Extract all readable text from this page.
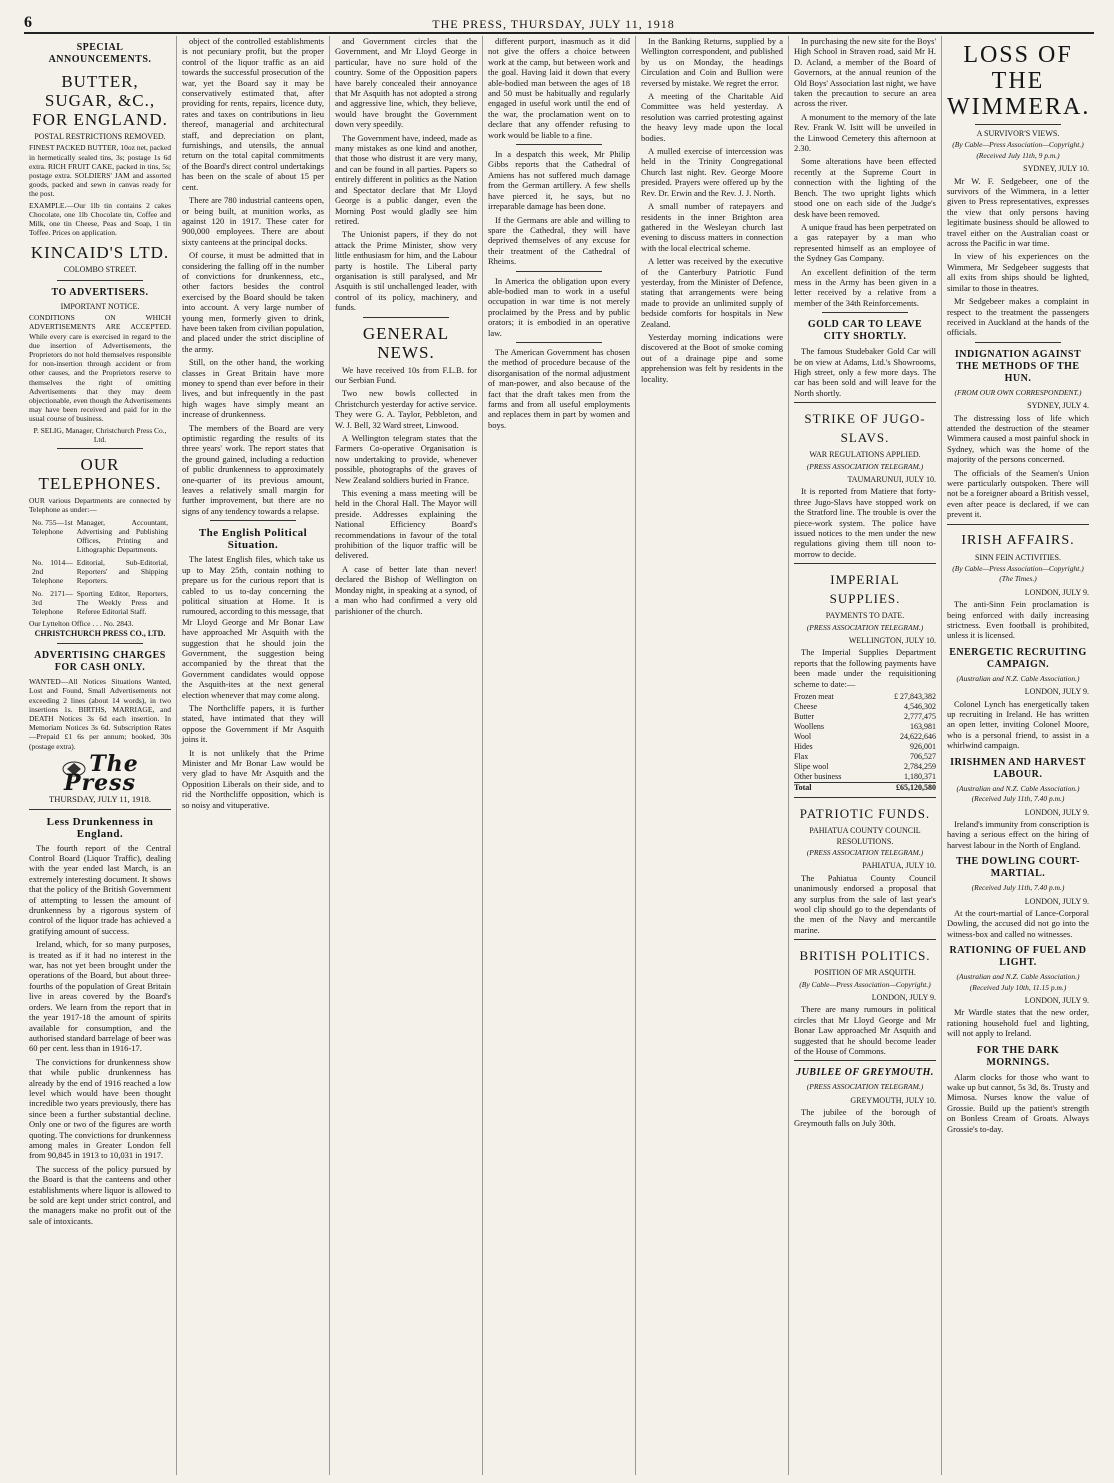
6	THE PRESS, THURSDAY, JULY 11, 1918
SPECIAL ANNOUNCEMENTS.
BUTTER, SUGAR, &C., FOR ENGLAND.
POSTAL RESTRICTIONS REMOVED.

FINEST PACKED BUTTER, 10oz net, packed in hermetically sealed tins, 3s; postage 1s 6d extra. RICH FRUIT CAKE, packed in tins, 5s; postage extra. SOLDIERS' JAM and assorted goods, packed and sewn in canvas ready for the post.

EXAMPLE.—Our 1lb tin contains 2 cakes Chocolate, one 1lb Chocolate tin, Coffee and Milk, one tin Cheese, Peas and Soap, 1 tin Toffee. Prices on application.

KINCAID'S LTD.
COLOMBO STREET.
TO ADVERTISERS.
IMPORTANT NOTICE.

CONDITIONS ON WHICH ADVERTISEMENTS ARE ACCEPTED. While every care is exercised in regard to the due insertion of Advertisements, the Proprietors do not hold themselves responsible for non-insertion through accident or from other causes, and the Proprietors reserve to themselves the right of omitting Advertisements that they may deem objectionable, even though the Advertisements may have been received and paid for in the usual course of business.

P. SELIG, Manager, Christchurch Press Co., Ltd.

OUR TELEPHONES.
OUR various Departments are connected by Telephone as under:—
No. 755—1st Telephone	Manager, Accountant, Advertising and Publishing Offices, Printing and Lithographic Departments.
No. 1014—2nd Telephone	Editorial, Sub-Editorial, Reporters' and Shipping Reporters.
No. 2171—3rd Telephone	Sporting Editor, Reporters, The Weekly Press and Referee Editorial Staff.
Our Lyttelton Office . . . No. 2843.
CHRISTCHURCH PRESS CO., LTD.
ADVERTISING CHARGES FOR CASH ONLY.

WANTED—All Notices Situations Wanted, Lost and Found, Small Advertisements not exceeding 2 lines (about 14 words), in two insertions 1s. BIRTHS, MARRIAGE, and DEATH Notices 3s 6d each insertion. In Memoriam Notices 3s 6d. Subscription Rates—Prepaid £1 6s per annum; booked, 30s (postage extra).

The Press
THURSDAY, JULY 11, 1918.
Less Drunkenness in England.

The fourth report of the Central Control Board (Liquor Traffic), dealing with the year ended last March, is an extremely interesting document. It shows that the policy of the British Government of attempting to lessen the amount of drunkenness by a rigorous system of control of the liquor trade has achieved a gratifying amount of success.

Ireland, which, for so many purposes, is treated as if it had no interest in the war, has not yet been brought under the operations of the Board, but about three-fourths of the population of Great Britain live in areas covered by the Board's orders. We learn from the report that in the year 1917-18 the amount of spirits available for consumption, and the authorised standard barrelage of beer was 60 per cent. less than in 1916-17.

The convictions for drunkenness show that while public drunkenness has already by the end of 1916 reached a low level which would have been thought incredible two years previously, there has since been a further substantial decline. Only one or two of the figures are worth quoting. The convictions for drunkenness among males in Greater London fell from 90,845 in 1913 to 10,031 in 1917.

The success of the policy pursued by the Board is that the canteens and other establishments where liquor is allowed to be sold are kept under strict control, and the managers make no profit out of the sale of intoxicants.

object of the controlled establishments is not pecuniary profit, but the proper control of the liquor traffic as an aid towards the successful prosecution of the war, yet the Board say it may be conservatively estimated that, after providing for rents, repairs, licence duty, rates and taxes on contributions in lieu thereof, managerial and architectural staff, and depreciation on plant, furnishings, and utensils, the annual return on the total capital commitments of the Board's direct control undertakings has been on the scale of about 15 per cent.

There are 780 industrial canteens open, or being built, at munition works, as against 120 in 1917. These cater for 900,000 employees. There are about sixty canteens at the principal docks.

Of course, it must be admitted that in considering the falling off in the number of convictions for drunkenness, etc., other factors besides the control exercised by the Board should be taken into account. A very large number of young men, formerly given to drink, have been taken from civilian population, and placed under the strict discipline of the army.

Still, on the other hand, the working classes in Great Britain have more money to spend than ever before in their lives, and but infrequently in the past high wages have simply meant an increase of drunkenness.

The members of the Board are very optimistic regarding the results of its three years' work. The report states that the ground gained, including a reduction of public drunkenness to approximately one-quarter of its previous amount, leaves a relatively small margin for further improvement, but there are no signs of any tendency towards a relapse.

The English Political Situation.

The latest English files, which take us up to May 25th, contain nothing to prepare us for the curious report that is cabled to us to-day concerning the political situation at Home. It is rumoured, according to this message, that Mr Lloyd George and Mr Bonar Law have approached Mr Asquith with the suggestion that he should join the Government, the suggestion being accompanied by the threat that the Government candidates would oppose the Asquith-ites at the next general election whenever that may come along.

The Northcliffe papers, it is further stated, have intimated that they will oppose the Government if Mr Asquith joins it.

It is not unlikely that the Prime Minister and Mr Bonar Law would be very glad to have Mr Asquith and the Opposition Liberals on their side, and to rid the Northcliffe opposition, which is so noisy and vituperative.

and Government circles that the Government, and Mr Lloyd George in particular, have no sure hold of the country. Some of the Opposition papers have barely concealed their annoyance that Mr Asquith has not adopted a strong and aggressive line, which, they believe, would have brought the Government down very speedily.

The Government have, indeed, made as many mistakes as one kind and another, that those who distrust it are very many, and can be found in all parties. Papers so entirely different in politics as the Nation and Spectator declare that Mr Lloyd George is a public danger, even the Morning Post would gladly see him retired.

The Unionist papers, if they do not attack the Prime Minister, show very little enthusiasm for him, and the Labour party is hostile. The Liberal party organisation is still paralysed, and Mr Asquith is stil unchallenged leader, with control of its policy, machinery, and funds.

GENERAL NEWS.

We have received 10s from F.L.B. for our Serbian Fund.

Two new bowls collected in Christchurch yesterday for active service. They were G. A. Taylor, Pebbleton, and W. J. Bell, 32 Ward street, Linwood.

A Wellington telegram states that the Farmers Co-operative Organisation is now undertaking to provide, whenever possible, photographs of the graves of New Zealand soldiers buried in France.

This evening a mass meeting will be held in the Choral Hall. The Mayor will preside. Addresses explaining the National Efficiency Board's recommendations in favour of the total prohibition of the liquor traffic will be delivered.

A case of better late than never! declared the Bishop of Wellington on Monday night, in speaking at a synod, of a man who had confirmed a very old parishioner of the church.

different purport, inasmuch as it did not give the offers a choice between work at the camp, but between work and the goal. Having laid it down that every able-bodied man between the ages of 18 and 50 must be habitually and regularly engaged in useful work until the end of the war, the proclamation went on to declare that any offender refusing to work would be liable to a fine.

In a despatch this week, Mr Philip Gibbs reports that the Cathedral of Amiens has not suffered much damage from the German artillery. A few shells have pierced it, he says, but no irreparable damage has been done.

If the Germans are able and willing to spare the Cathedral, they will have deprived themselves of any excuse for their treatment of the Cathedral of Rheims.

In America the obligation upon every able-bodied man to work in a useful occupation in war time is not merely proclaimed by the Press and by public orators; it is embodied in an operative law.

The American Government has chosen the method of procedure because of the disorganisation of the normal adjustment of man-power, and also because of the fact that the draft takes men from the farms and from all useful employments and replaces them in part by women and boys.

In the Banking Returns, supplied by a Wellington correspondent, and published by us on Monday, the headings Circulation and Coin and Bullion were reversed by mistake. We regret the error.

A meeting of the Charitable Aid Committee was held yesterday. A resolution was carried protesting against the heavy levy made upon the local bodies.

A mulled exercise of intercession was held in the Trinity Congregational Church last night. Rev. George Moore presided. Prayers were offered up by the Rev. Dr. Erwin and the Rev. J. J. North.

A small number of ratepayers and residents in the inner Brighton area gathered in the Wesleyan church last evening to discuss matters in connection with the local electrical scheme.

A letter was received by the executive of the Canterbury Patriotic Fund yesterday, from the Minister of Defence, stating that arrangements were being made to provide an unlimited supply of bedside comforts for hospitals in New Zealand.

Yesterday morning indications were discovered at the Boot of smoke coming out of a drainage pipe and some apprehension was felt by residents in the locality.

In purchasing the new site for the Boys' High School in Straven road, said Mr H. D. Acland, a member of the Board of Governors, at the annual reunion of the Old Boys' Association last night, we have taken the precaution to secure an area across the river.

A monument to the memory of the late Rev. Frank W. Isitt will be unveiled in the Linwood Cemetery this afternoon at 2.30.

Some alterations have been effected recently at the Supreme Court in connection with the lighting of the Bench. The two upright lights which stood one on each side of the Judge's desk have been removed.

A unique fraud has been perpetrated on a gas ratepayer by a man who represented himself as an employee of the Sydney Gas Company.

An excellent definition of the term mess in the Army has been given in a letter received by a relative from a member of the 34th Reinforcements.

GOLD CAR TO LEAVE CITY SHORTLY.

The famous Studebaker Gold Car will be on view at Adams, Ltd.'s Showrooms, High street, only a few more days. The car has been sold and will leave for the North shortly.

STRIKE OF JUGO-SLAVS.
WAR REGULATIONS APPLIED.
(PRESS ASSOCIATION TELEGRAM.)
TAUMARUNUI, JULY 10.

It is reported from Matiere that forty-three Jugo-Slavs have stopped work on the Stratford line. The trouble is over the piece-work system. The police have issued notices to the men under the new regulations giving them till noon to-morrow to decide.

IMPERIAL SUPPLIES.
PAYMENTS TO DATE.
(PRESS ASSOCIATION TELEGRAM.)
WELLINGTON, JULY 10.

The Imperial Supplies Department reports that the following payments have been made under the requisitioning scheme to date:—

Frozen meat	£ 27,843,382
Cheese	4,546,302
Butter	2,777,475
Woollens	163,981
Wool	24,622,646
Hides	926,001
Flax	706,527
Slipe wool	2,784,259
Other business	1,180,371
Total	£65,120,580
PATRIOTIC FUNDS.
PAHIATUA COUNTY COUNCIL RESOLUTIONS.
(PRESS ASSOCIATION TELEGRAM.)
PAHIATUA, JULY 10.

The Pahiatua County Council unanimously endorsed a proposal that any surplus from the sale of last year's wool clip should go to the dependants of the men of the Navy and mercantile marine.

BRITISH POLITICS.
POSITION OF MR ASQUITH.
(By Cable—Press Association—Copyright.)
LONDON, JULY 9.

There are many rumours in political circles that Mr Lloyd George and Mr Bonar Law approached Mr Asquith and suggested that he should become leader of the House of Commons.

JUBILEE OF GREYMOUTH.
(PRESS ASSOCIATION TELEGRAM.)
GREYMOUTH, JULY 10.

The jubilee of the borough of Greymouth falls on July 30th.

LOSS OF THE WIMMERA.
A SURVIVOR'S VIEWS.
(By Cable—Press Association—Copyright.) (Received July 11th, 9 p.m.)
SYDNEY, JULY 10.

Mr W. F. Sedgebeer, one of the survivors of the Wimmera, in a letter given to Press representatives, expresses the view that only persons having legitimate business should be allowed to travel either on the Australian coast or across the Pacific in war time.

In view of his experiences on the Wimmera, Mr Sedgebeer suggests that all exits from ships should be lighted, similar to those in theatres.

Mr Sedgebeer makes a complaint in respect to the treatment the passengers received in Auckland at the hands of the officials.

INDIGNATION AGAINST THE METHODS OF THE HUN.
(FROM OUR OWN CORRESPONDENT.)
SYDNEY, JULY 4.

The distressing loss of life which attended the destruction of the steamer Wimmera caused a most painful shock in Sydney, which was the home of the majority of the persons concerned.

The officials of the Seamen's Union were particularly outspoken. There will not be a foreigner aboard a British vessel, even after peace is declared, if we can prevent it.

IRISH AFFAIRS.
SINN FEIN ACTIVITIES.
(By Cable—Press Association—Copyright.) (The Times.)
LONDON, JULY 9.

The anti-Sinn Fein proclamation is being enforced with daily increasing strictness. Even football is prohibited, unless it is licensed.

ENERGETIC RECRUITING CAMPAIGN.
(Australian and N.Z. Cable Association.)
LONDON, JULY 9.

Colonel Lynch has energetically taken up recruiting in Ireland. He has written an open letter, inviting Colonel Moore, who is a personal friend, to assist in a whirlwind campaign.

IRISHMEN AND HARVEST LABOUR.
(Australian and N.Z. Cable Association.) (Received July 11th, 7.40 p.m.)
LONDON, JULY 9.

Ireland's immunity from conscription is having a serious effect on the hiring of harvest labour in the North of England.

THE DOWLING COURT-MARTIAL.
(Received July 11th, 7.40 p.m.)
LONDON, JULY 9.

At the court-martial of Lance-Corporal Dowling, the accused did not go into the witness-box and called no witnesses.

RATIONING OF FUEL AND LIGHT.
(Australian and N.Z. Cable Association.) (Received July 10th, 11.15 p.m.)
LONDON, JULY 9.

Mr Wardle states that the new order, rationing household fuel and lighting, will not apply to Ireland.

FOR THE DARK MORNINGS.

Alarm clocks for those who want to wake up but cannot, 5s 3d, 8s. Trusty and Mimosa. Nurses know the value of Grossie. Build up the patient's strength on Bonless Cream of Groats. Always Grossie's to-day.
